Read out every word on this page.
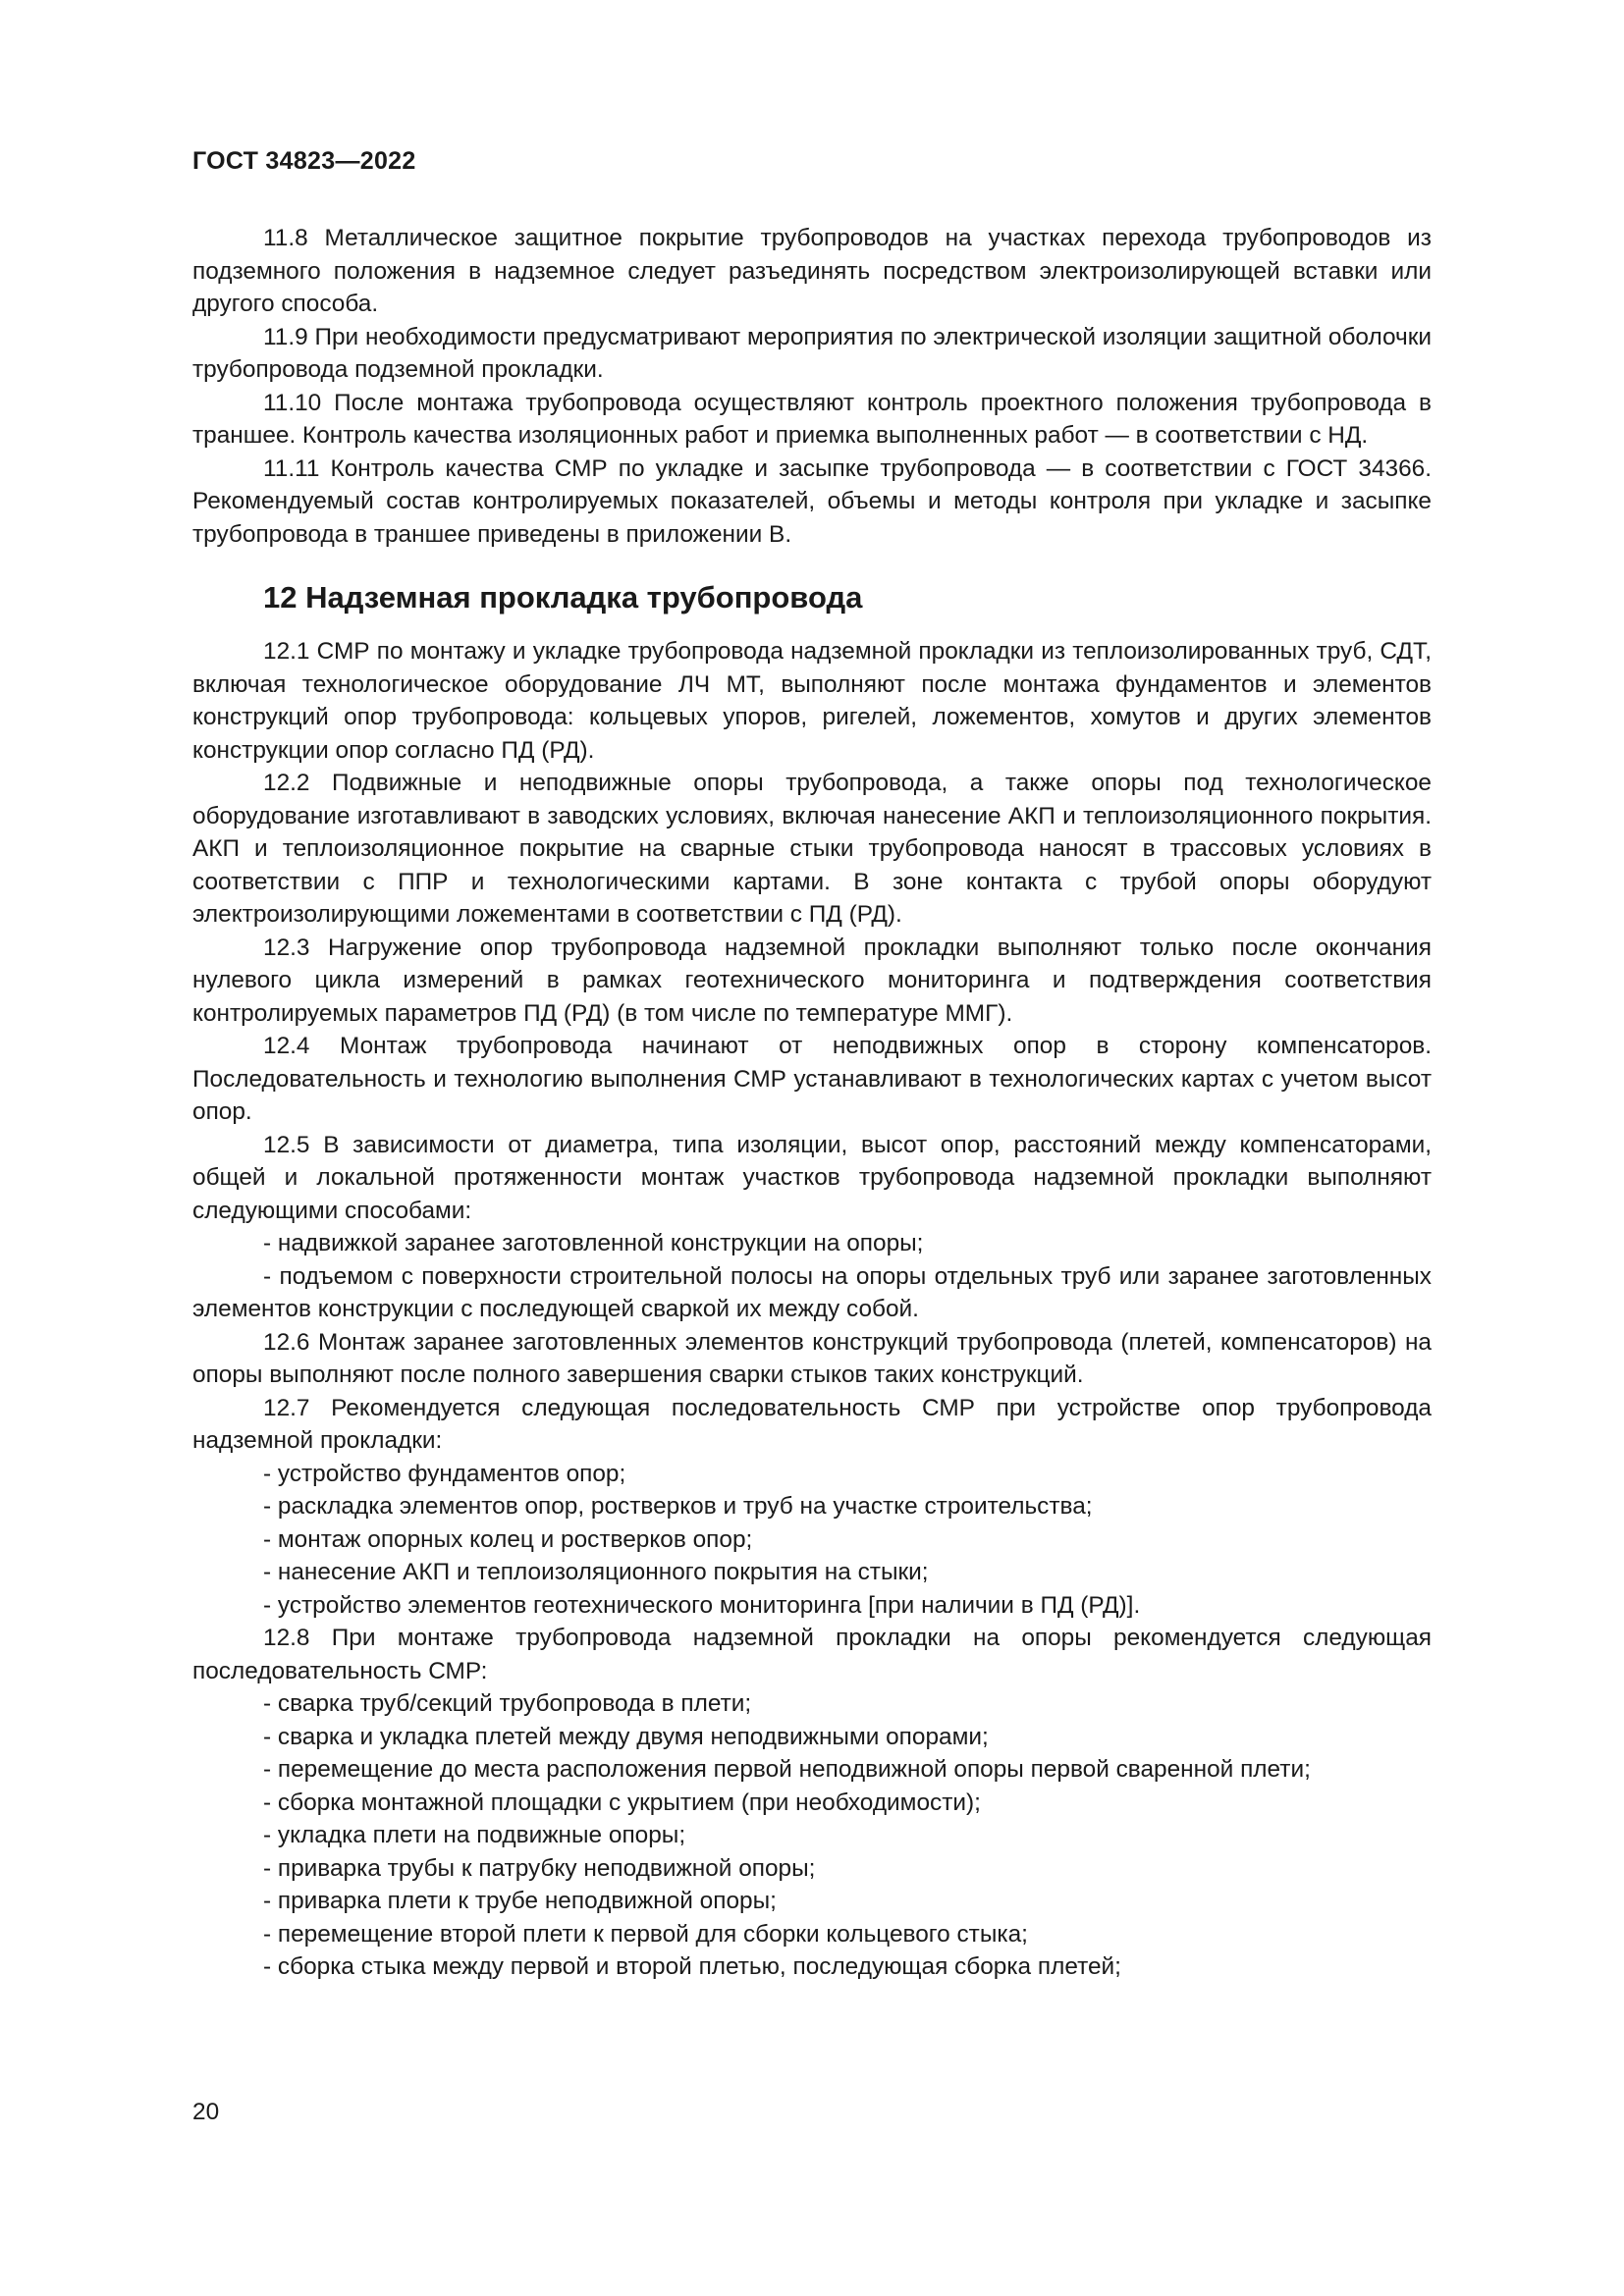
ГОСТ 34823—2022

11.8 Металлическое защитное покрытие трубопроводов на участках перехода трубопроводов из подземного положения в надземное следует разъединять посредством электроизолирующей вставки или другого способа.

11.9 При необходимости предусматривают мероприятия по электрической изоляции защитной оболочки трубопровода подземной прокладки.

11.10 После монтажа трубопровода осуществляют контроль проектного положения трубопровода в траншее. Контроль качества изоляционных работ и приемка выполненных работ — в соответствии с НД.

11.11 Контроль качества СМР по укладке и засыпке трубопровода — в соответствии с ГОСТ 34366. Рекомендуемый состав контролируемых показателей, объемы и методы контроля при укладке и засыпке трубопровода в траншее приведены в приложении В.

12 Надземная прокладка трубопровода

12.1 СМР по монтажу и укладке трубопровода надземной прокладки из теплоизолированных труб, СДТ, включая технологическое оборудование ЛЧ МТ, выполняют после монтажа фундаментов и элементов конструкций опор трубопровода: кольцевых упоров, ригелей, ложементов, хомутов и других элементов конструкции опор согласно ПД (РД).

12.2 Подвижные и неподвижные опоры трубопровода, а также опоры под технологическое оборудование изготавливают в заводских условиях, включая нанесение АКП и теплоизоляционного покрытия. АКП и теплоизоляционное покрытие на сварные стыки трубопровода наносят в трассовых условиях в соответствии с ППР и технологическими картами. В зоне контакта с трубой опоры оборудуют электроизолирующими ложементами в соответствии с ПД (РД).

12.3 Нагружение опор трубопровода надземной прокладки выполняют только после окончания нулевого цикла измерений в рамках геотехнического мониторинга и подтверждения соответствия контролируемых параметров ПД (РД) (в том числе по температуре ММГ).

12.4 Монтаж трубопровода начинают от неподвижных опор в сторону компенсаторов. Последовательность и технологию выполнения СМР устанавливают в технологических картах с учетом высот опор.

12.5 В зависимости от диаметра, типа изоляции, высот опор, расстояний между компенсаторами, общей и локальной протяженности монтаж участков трубопровода надземной прокладки выполняют следующими способами:

- надвижкой заранее заготовленной конструкции на опоры;

- подъемом с поверхности строительной полосы на опоры отдельных труб или заранее заготовленных элементов конструкции с последующей сваркой их между собой.

12.6 Монтаж заранее заготовленных элементов конструкций трубопровода (плетей, компенсаторов) на опоры выполняют после полного завершения сварки стыков таких конструкций.

12.7 Рекомендуется следующая последовательность СМР при устройстве опор трубопровода надземной прокладки:

- устройство фундаментов опор;

- раскладка элементов опор, ростверков и труб на участке строительства;

- монтаж опорных колец и ростверков опор;

- нанесение АКП и теплоизоляционного покрытия на стыки;

- устройство элементов геотехнического мониторинга [при наличии в ПД (РД)].

12.8 При монтаже трубопровода надземной прокладки на опоры рекомендуется следующая последовательность СМР:

- сварка труб/секций трубопровода в плети;

- сварка и укладка плетей между двумя неподвижными опорами;

- перемещение до места расположения первой неподвижной опоры первой сваренной плети;

- сборка монтажной площадки с укрытием (при необходимости);

- укладка плети на подвижные опоры;

- приварка трубы к патрубку неподвижной опоры;

- приварка плети к трубе неподвижной опоры;

- перемещение второй плети к первой для сборки кольцевого стыка;

- сборка стыка между первой и второй плетью, последующая сборка плетей;

20
